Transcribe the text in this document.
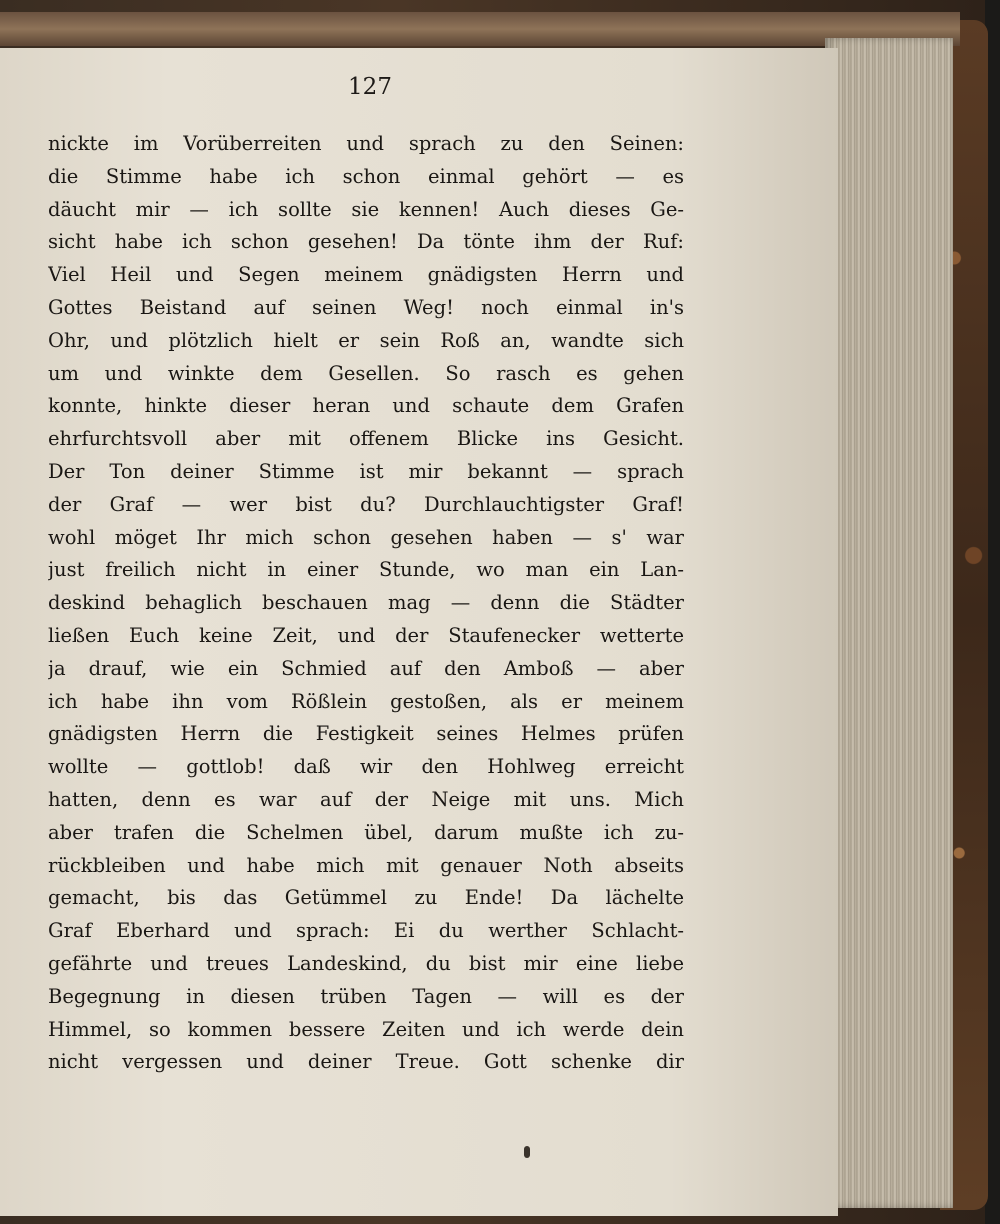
127
nickte im Vorüberreiten und sprach zu den Seinen:
die Stimme habe ich schon einmal gehört — es
däucht mir — ich sollte sie kennen! Auch dieses Ge-
sicht habe ich schon gesehen! Da tönte ihm der Ruf:
Viel Heil und Segen meinem gnädigsten Herrn und
Gottes Beistand auf seinen Weg! noch einmal in's
Ohr, und plötzlich hielt er sein Roß an, wandte sich
um und winkte dem Gesellen. So rasch es gehen
konnte, hinkte dieser heran und schaute dem Grafen
ehrfurchtsvoll aber mit offenem Blicke ins Gesicht.
Der Ton deiner Stimme ist mir bekannt — sprach
der Graf — wer bist du? Durchlauchtigster Graf!
wohl möget Ihr mich schon gesehen haben — s' war
just freilich nicht in einer Stunde, wo man ein Lan-
deskind behaglich beschauen mag — denn die Städter
ließen Euch keine Zeit, und der Staufenecker wetterte
ja drauf, wie ein Schmied auf den Amboß — aber
ich habe ihn vom Rößlein gestoßen, als er meinem
gnädigsten Herrn die Festigkeit seines Helmes prüfen
wollte — gottlob! daß wir den Hohlweg erreicht
hatten, denn es war auf der Neige mit uns. Mich
aber trafen die Schelmen übel, darum mußte ich zu-
rückbleiben und habe mich mit genauer Noth abseits
gemacht, bis das Getümmel zu Ende! Da lächelte
Graf Eberhard und sprach: Ei du werther Schlacht-
gefährte und treues Landeskind, du bist mir eine liebe
Begegnung in diesen trüben Tagen — will es der
Himmel, so kommen bessere Zeiten und ich werde dein
nicht vergessen und deiner Treue. Gott schenke dir
